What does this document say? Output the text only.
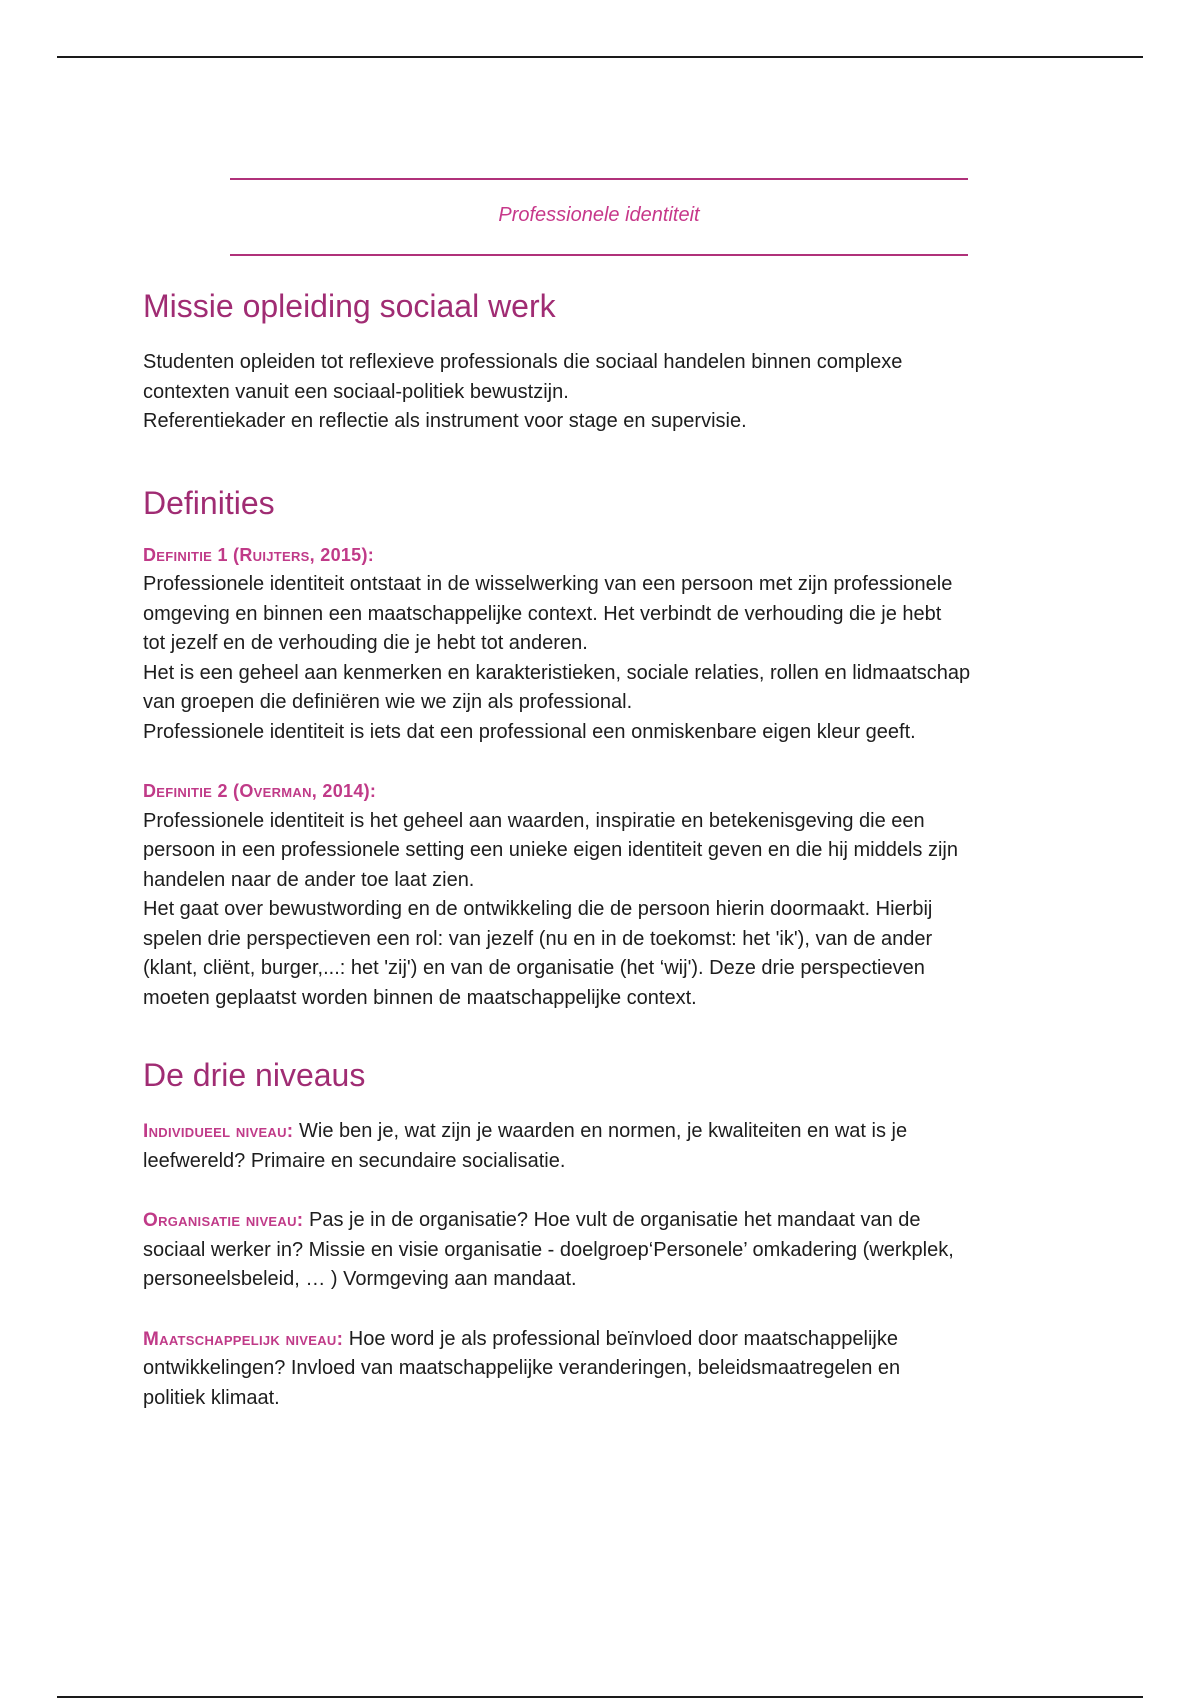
Professionele identiteit
Missie opleiding sociaal werk
Studenten opleiden tot reflexieve professionals die sociaal handelen binnen complexe
contexten vanuit een sociaal-politiek bewustzijn.
Referentiekader en reflectie als instrument voor stage en supervisie.
Definities
Definitie 1 (Ruijters, 2015):
Professionele identiteit ontstaat in de wisselwerking van een persoon met zijn professionele
omgeving en binnen een maatschappelijke context. Het verbindt de verhouding die je hebt
tot jezelf en de verhouding die je hebt tot anderen.
Het is een geheel aan kenmerken en karakteristieken, sociale relaties, rollen en lidmaatschap
van groepen die definiëren wie we zijn als professional.
Professionele identiteit is iets dat een professional een onmiskenbare eigen kleur geeft.
Definitie 2 (Overman, 2014):
Professionele identiteit is het geheel aan waarden, inspiratie en betekenisgeving die een
persoon in een professionele setting een unieke eigen identiteit geven en die hij middels zijn
handelen naar de ander toe laat zien.
Het gaat over bewustwording en de ontwikkeling die de persoon hierin doormaakt. Hierbij
spelen drie perspectieven een rol: van jezelf (nu en in de toekomst: het 'ik'), van de ander
(klant, cliënt, burger,...: het 'zij') en van de organisatie (het ‘wij'). Deze drie perspectieven
moeten geplaatst worden binnen de maatschappelijke context.
De drie niveaus
Individueel niveau: Wie ben je, wat zijn je waarden en normen, je kwaliteiten en wat is je
leefwereld? Primaire en secundaire socialisatie.
Organisatie niveau: Pas je in de organisatie? Hoe vult de organisatie het mandaat van de
sociaal werker in? Missie en visie organisatie - doelgroep‘Personele’ omkadering (werkplek,
personeelsbeleid, … ) Vormgeving aan mandaat.
Maatschappelijk niveau: Hoe word je als professional beïnvloed door maatschappelijke
ontwikkelingen? Invloed van maatschappelijke veranderingen, beleidsmaatregelen en
politiek klimaat.
